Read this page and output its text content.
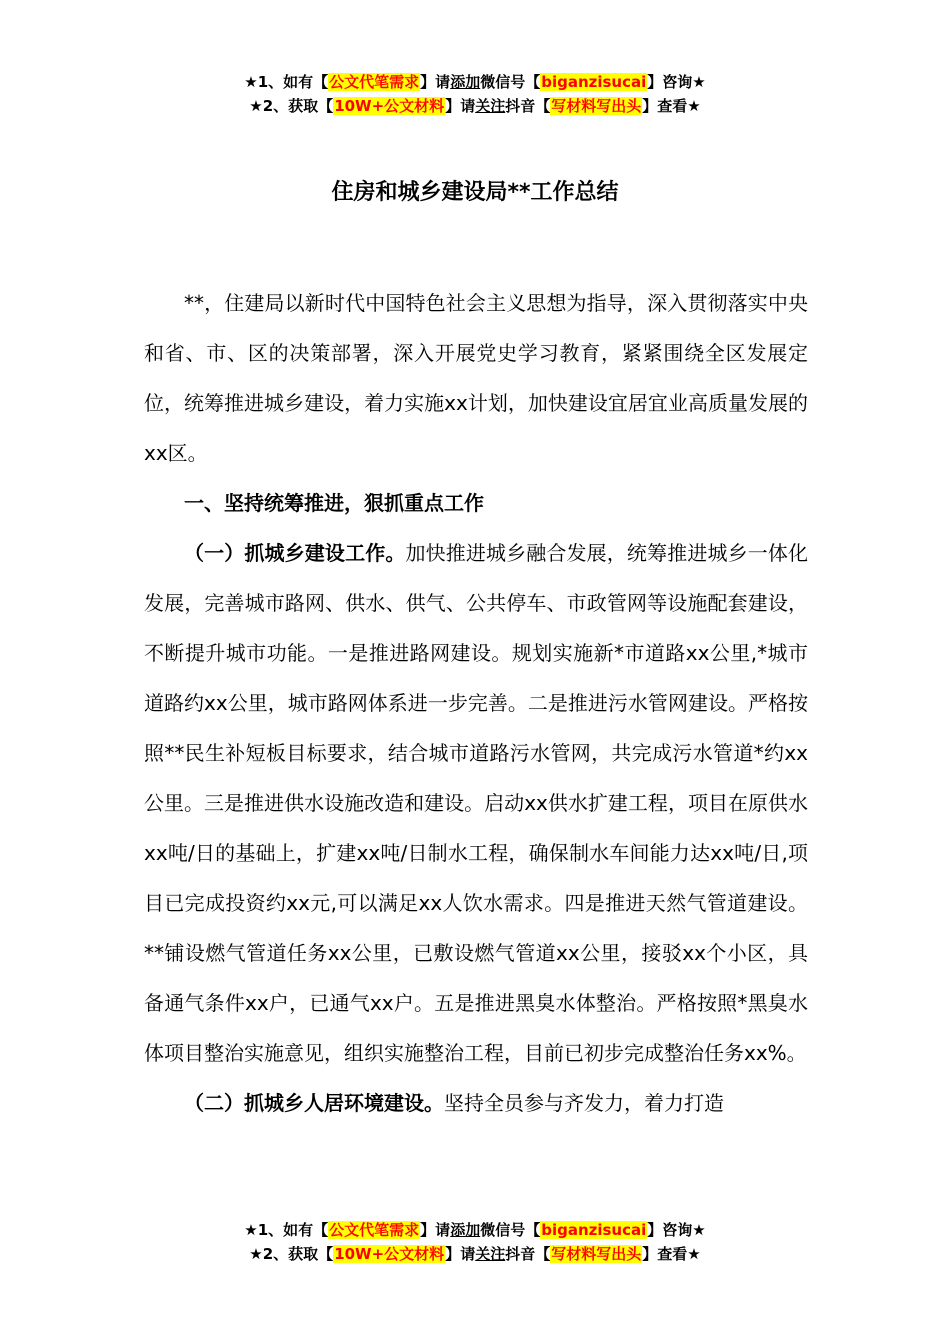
★1、如有【公文代笔需求】请添加微信号【biganzisucai】咨询★
★2、获取【10W+公文材料】请关注抖音【写材料写出头】查看★
住房和城乡建设局**工作总结

**，住建局以新时代中国特色社会主义思想为指导，深入贯彻落实中央和省、市、区的决策部署，深入开展党史学习教育，紧紧围绕全区发展定位，统筹推进城乡建设，着力实施xx计划，加快建设宜居宜业高质量发展的xx区。

一、坚持统筹推进，狠抓重点工作

（一）抓城乡建设工作。加快推进城乡融合发展，统筹推进城乡一体化发展，完善城市路网、供水、供气、公共停车、市政管网等设施配套建设，不断提升城市功能。一是推进路网建设。规划实施新*市道路xx公里,*城市道路约xx公里，城市路网体系进一步完善。二是推进污水管网建设。严格按照**民生补短板目标要求，结合城市道路污水管网，共完成污水管道*约xx公里。三是推进供水设施改造和建设。启动xx供水扩建工程，项目在原供水xx吨/日的基础上，扩建xx吨/日制水工程，确保制水车间能力达xx吨/日,项目已完成投资约xx元,可以满足xx人饮水需求。四是推进天然气管道建设。**铺设燃气管道任务xx公里，已敷设燃气管道xx公里，接驳xx个小区，具备通气条件xx户，已通气xx户。五是推进黑臭水体整治。严格按照*黑臭水体项目整治实施意见，组织实施整治工程，目前已初步完成整治任务xx%。

（二）抓城乡人居环境建设。坚持全员参与齐发力，着力打造

★1、如有【公文代笔需求】请添加微信号【biganzisucai】咨询★
★2、获取【10W+公文材料】请关注抖音【写材料写出头】查看★
